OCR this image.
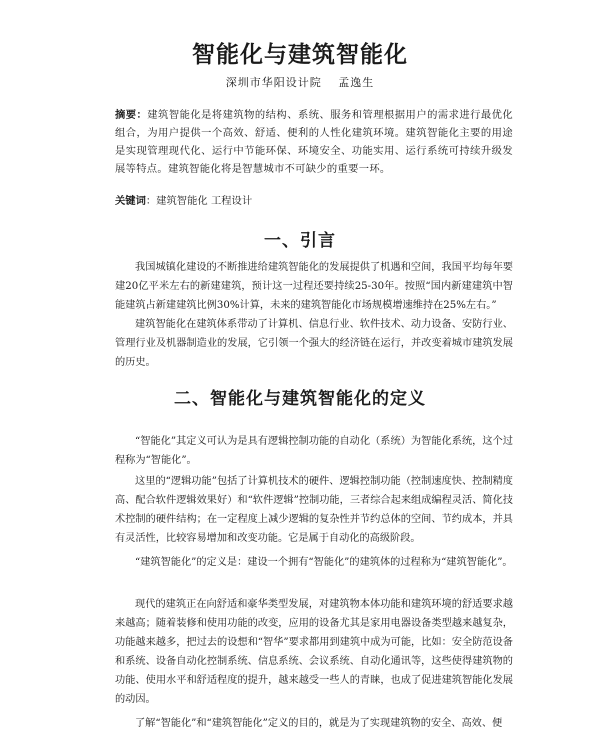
智能化与建筑智能化
深圳市华阳设计院 孟逸生
摘要：建筑智能化是将建筑物的结构、系统、服务和管理根据用户的需求进行最优化组合，为用户提供一个高效、舒适、便利的人性化建筑环境。建筑智能化主要的用途是实现管理现代化、运行中节能环保、环境安全、功能实用、运行系统可持续升级发展等特点。建筑智能化将是智慧城市不可缺少的重要一环。
关键词：建筑智能化 工程设计
一、引言
我国城镇化建设的不断推进给建筑智能化的发展提供了机遇和空间，我国平均每年要建20亿平米左右的新建建筑，预计这一过程还要持续25-30年。按照“国内新建建筑中智能建筑占新建建筑比例30%计算，未来的建筑智能化市场规模增速维持在25%左右。”
建筑智能化在建筑体系带动了计算机、信息行业、软件技术、动力设备、安防行业、管理行业及机器制造业的发展，它引领一个强大的经济链在运行，并改变着城市建筑发展的历史。
二、智能化与建筑智能化的定义
“智能化”其定义可认为是具有逻辑控制功能的自动化（系统）为智能化系统，这个过程称为“智能化”。
这里的“逻辑功能”包括了计算机技术的硬件、逻辑控制功能（控制速度快、控制精度高、配合软件逻辑效果好）和“软件逻辑”控制功能，三者综合起来组成编程灵活、简化技术控制的硬件结构；在一定程度上减少逻辑的复杂性并节约总体的空间、节约成本，并具有灵活性，比较容易增加和改变功能。它是属于自动化的高级阶段。
“建筑智能化”的定义是：建设一个拥有“智能化”的建筑体的过程称为“建筑智能化”。
现代的建筑正在向舒适和豪华类型发展，对建筑物本体功能和建筑环境的舒适要求越来越高；随着装修和使用功能的改变，应用的设备尤其是家用电器设备类型越来越复杂，功能越来越多，把过去的设想和“智华”要求都用到建筑中成为可能，比如：安全防范设备和系统、设备自动化控制系统、信息系统、会议系统、自动化通讯等，这些使得建筑物的功能、使用水平和舒适程度的提升，越来越受一些人的青睐，也成了促进建筑智能化发展的动因。
了解“智能化”和“建筑智能化”定义的目的，就是为了实现建筑物的安全、高效、便
